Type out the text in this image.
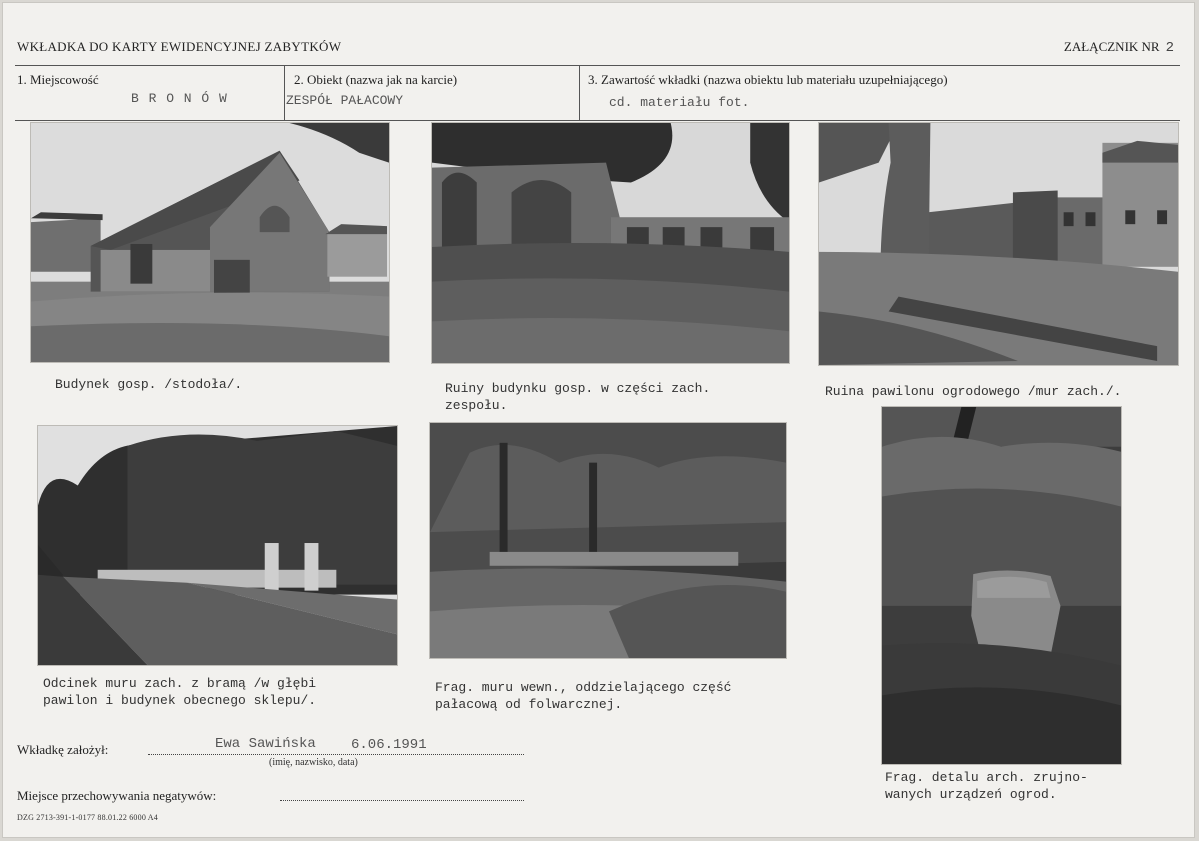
WKŁADKA DO KARTY EWIDENCYJNEJ ZABYTKÓW	ZAŁĄCZNIK NR 2
1. Miejscowość
B R O N Ó W
2. Obiekt (nazwa jak na karcie)
ZESPÓŁ PAŁACOWY
3. Zawartość wkładki (nazwa obiektu lub materiału uzupełniającego)
cd. materiału fot.
Budynek gosp. /stodoła/.	Ruiny budynku gosp. w części zach.
zespołu.
Ruina pawilonu ogrodowego /mur zach./.
Odcinek muru zach. z bramą /w głębi
pawilon i budynek obecnego sklepu/.
Frag. muru wewn., oddzielającego część
pałacową od folwarcznej.
Frag. detalu arch. zrujno-
wanych urządzeń ogrod.
Wkładkę założył:	Ewa Sawińska	6.06.1991
(imię, nazwisko, data)
Miejsce przechowywania negatywów:
DZG 2713-391-1-0177 88.01.22 6000 A4
